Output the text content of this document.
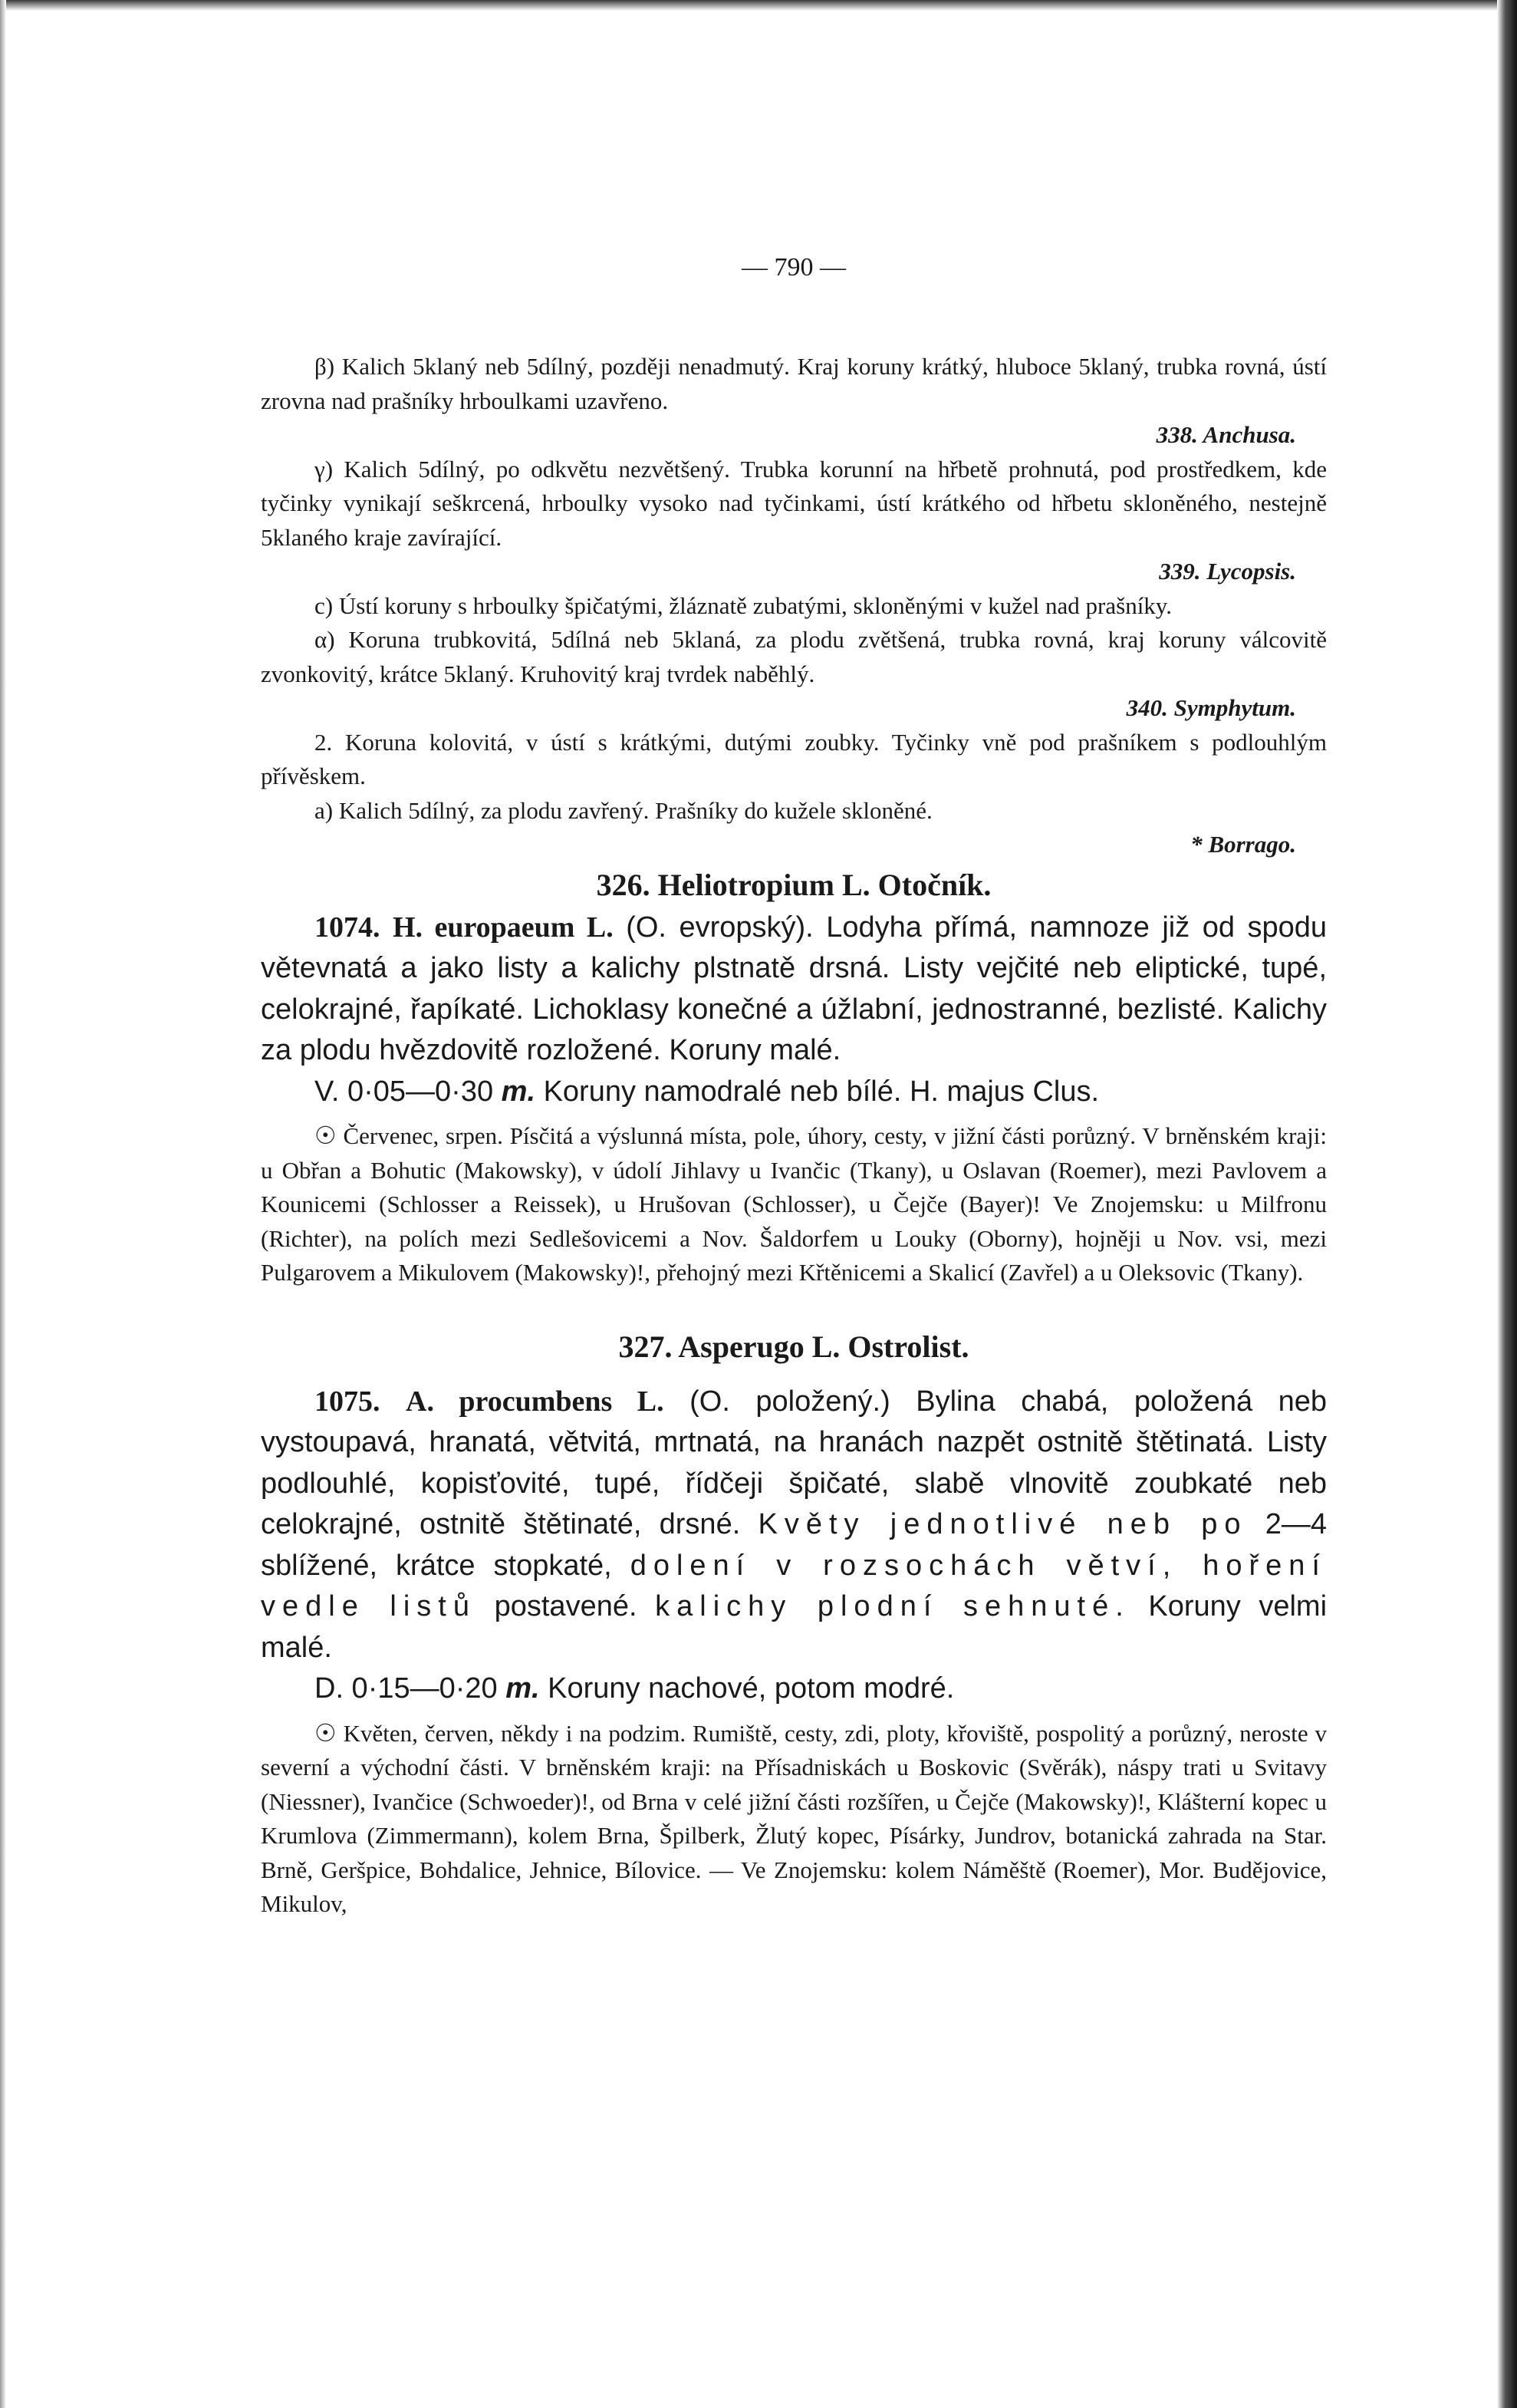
— 790 —

β) Kalich 5klaný neb 5dílný, později nenadmutý. Kraj koruny krátký, hluboce 5klaný, trubka rovná, ústí zrovna nad prašníky hrboulkami uzavřeno.

338. Anchusa.

γ) Kalich 5dílný, po odkvětu nezvětšený. Trubka korunní na hřbetě prohnutá, pod prostředkem, kde tyčinky vynikají seškrcená, hrboulky vysoko nad tyčinkami, ústí krátkého od hřbetu skloněného, nestejně 5klaného kraje zavírající.

339. Lycopsis.

c) Ústí koruny s hrboulky špičatými, žláznatě zubatými, skloněnými v kužel nad prašníky.

α) Koruna trubkovitá, 5dílná neb 5klaná, za plodu zvětšená, trubka rovná, kraj koruny válcovitě zvonkovitý, krátce 5klaný. Kruhovitý kraj tvrdek naběhlý.

340. Symphytum.

2. Koruna kolovitá, v ústí s krátkými, dutými zoubky. Tyčinky vně pod prašníkem s podlouhlým přívěskem.

a) Kalich 5dílný, za plodu zavřený. Prašníky do kužele skloněné.

* Borrago.

326. Heliotropium L. Otočník.

1074. H. europaeum L. (O. evropský). Lodyha přímá, namnoze již od spodu větevnatá a jako listy a kalichy plstnatě drsná. Listy vejčité neb eliptické, tupé, celokrajné, řapíkaté. Lichoklasy konečné a úžlabní, jednostranné, bezlisté. Kalichy za plodu hvězdovitě rozložené. Koruny malé.

V. 0·05—0·30 m. Koruny namodralé neb bílé. H. majus Clus.

☉ Červenec, srpen. Písčitá a výslunná místa, pole, úhory, cesty, v jižní části porůzný. V brněnském kraji: u Obřan a Bohutic (Makowsky), v údolí Jihlavy u Ivančic (Tkany), u Oslavan (Roemer), mezi Pavlovem a Kounicemi (Schlosser a Reissek), u Hrušovan (Schlosser), u Čejče (Bayer)! Ve Znojemsku: u Milfronu (Richter), na polích mezi Sedlešovicemi a Nov. Šaldorfem u Louky (Oborny), hojněji u Nov. vsi, mezi Pulgarovem a Mikulovem (Makowsky)!, přehojný mezi Křtěnicemi a Skalicí (Zavřel) a u Oleksovic (Tkany).

327. Asperugo L. Ostrolist.

1075. A. procumbens L. (O. položený.) Bylina chabá, položená neb vystoupavá, hranatá, větvitá, mrtnatá, na hranách nazpět ostnitě štětinatá. Listy podlouhlé, kopisťovité, tupé, řídčeji špičaté, slabě vlnovitě zoubkaté neb celokrajné, ostnitě štětinaté, drsné. Květy jednotlivé neb po 2—4 sblížené, krátce stopkaté, dolení v rozsochách větví, hoření vedle listů postavené. kalichy plodní sehnuté. Koruny velmi malé.

D. 0·15—0·20 m. Koruny nachové, potom modré.

☉ Květen, červen, někdy i na podzim. Rumiště, cesty, zdi, ploty, křoviště, pospolitý a porůzný, neroste v severní a východní části. V brněnském kraji: na Přísadniskách u Boskovic (Svěrák), náspy trati u Svitavy (Niessner), Ivančice (Schwoeder)!, od Brna v celé jižní části rozšířen, u Čejče (Makowsky)!, Klášterní kopec u Krumlova (Zimmermann), kolem Brna, Špilberk, Žlutý kopec, Písárky, Jundrov, botanická zahrada na Star. Brně, Geršpice, Bohdalice, Jehnice, Bílovice. — Ve Znojemsku: kolem Náměště (Roemer), Mor. Budějovice, Mikulov,
